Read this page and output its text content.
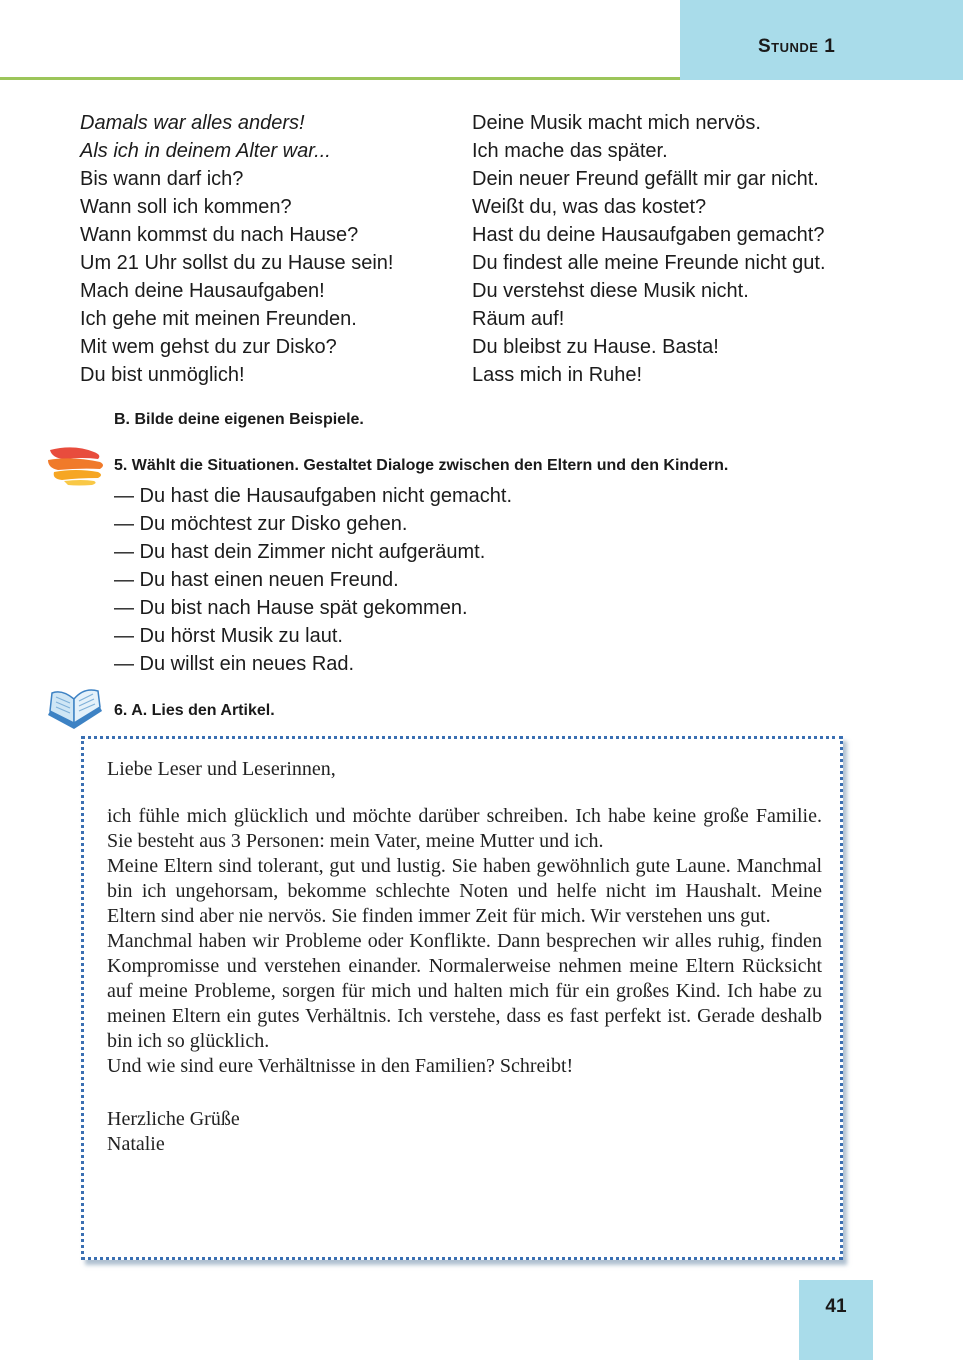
Stunde 1
Damals war alles anders!
Als ich in deinem Alter war...
Bis wann darf ich?
Wann soll ich kommen?
Wann kommst du nach Hause?
Um 21 Uhr sollst du zu Hause sein!
Mach deine Hausaufgaben!
Ich gehe mit meinen Freunden.
Mit wem gehst du zur Disko?
Du bist unmöglich!
Deine Musik macht mich nervös.
Ich mache das später.
Dein neuer Freund gefällt mir gar nicht.
Weißt du, was das kostet?
Hast du deine Hausaufgaben gemacht?
Du findest alle meine Freunde nicht gut.
Du verstehst diese Musik nicht.
Räum auf!
Du bleibst zu Hause. Basta!
Lass mich in Ruhe!
B. Bilde deine eigenen Beispiele.
5. Wählt die Situationen. Gestaltet Dialoge zwischen den Eltern und den Kindern.
— Du hast die Hausaufgaben nicht gemacht.
— Du möchtest zur Disko gehen.
— Du hast dein Zimmer nicht aufgeräumt.
— Du hast einen neuen Freund.
— Du bist nach Hause spät gekommen.
— Du hörst Musik zu laut.
— Du willst ein neues Rad.
6. A. Lies den Artikel.

Liebe Leser und Leserinnen,

ich fühle mich glücklich und möchte darüber schreiben. Ich habe keine große Familie. Sie besteht aus 3 Personen: mein Vater, meine Mutter und ich.

Meine Eltern sind tolerant, gut und lustig. Sie haben gewöhnlich gute Laune. Manchmal bin ich ungehorsam, bekomme schlechte Noten und helfe nicht im Haushalt. Meine Eltern sind aber nie nervös. Sie finden immer Zeit für mich. Wir verstehen uns gut.

Manchmal haben wir Probleme oder Konflikte. Dann besprechen wir alles ruhig, finden Kompromisse und verstehen einander. Normalerweise nehmen meine Eltern Rücksicht auf meine Probleme, sorgen für mich und halten mich für ein großes Kind. Ich habe zu meinen Eltern ein gutes Verhältnis. Ich verstehe, dass es fast perfekt ist. Gerade deshalb bin ich so glücklich.

Und wie sind eure Verhältnisse in den Familien? Schreibt!

Herzliche Grüße

Natalie

41
